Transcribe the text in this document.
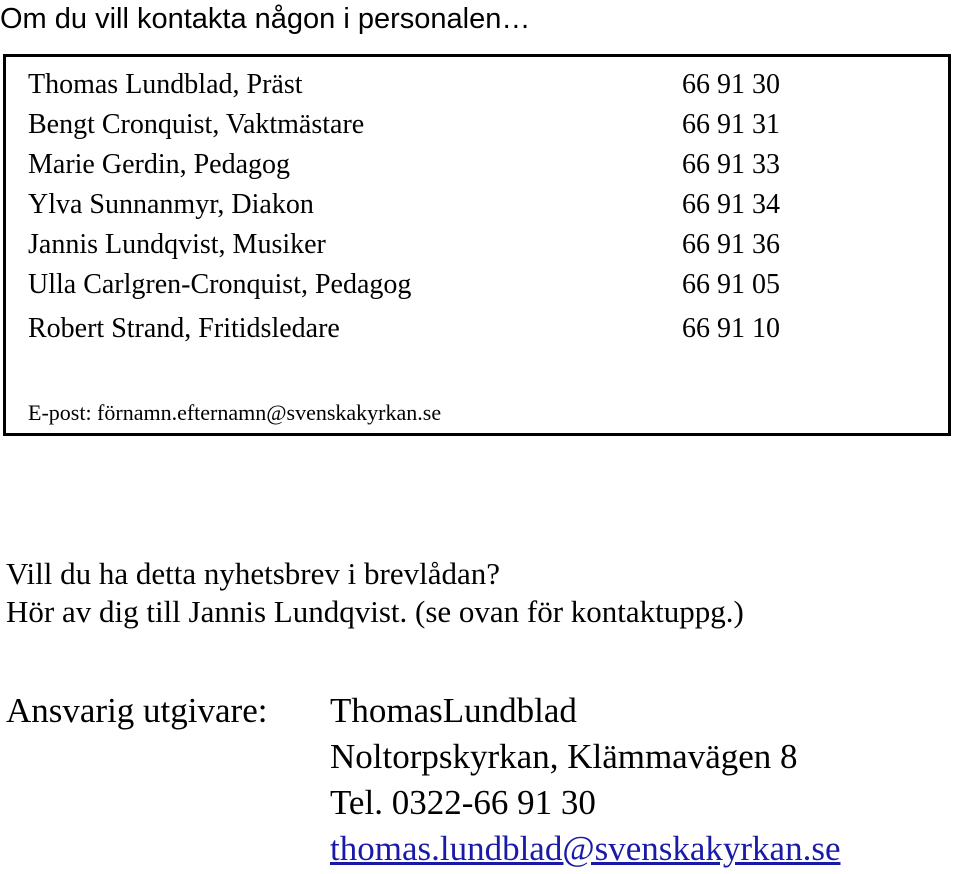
Om du vill kontakta någon i personalen…
Thomas Lundblad, Präst	66 91 30
Bengt Cronquist, Vaktmästare	66 91 31
Marie Gerdin, Pedagog	66 91 33
Ylva Sunnanmyr, Diakon	66 91 34
Jannis Lundqvist, Musiker	66 91 36
Ulla Carlgren-Cronquist, Pedagog	66 91 05
Robert Strand, Fritidsledare	66 91 10
E-post: förnamn.efternamn@svenskakyrkan.se
Vill du ha detta nyhetsbrev i brevlådan?
Hör av dig till Jannis Lundqvist. (se ovan för kontaktuppg.)
Ansvarig utgivare: ThomasLundblad
Noltorpskyrkan, Klämmavägen 8
Tel. 0322-66 91 30
thomas.lundblad@svenskakyrkan.se
